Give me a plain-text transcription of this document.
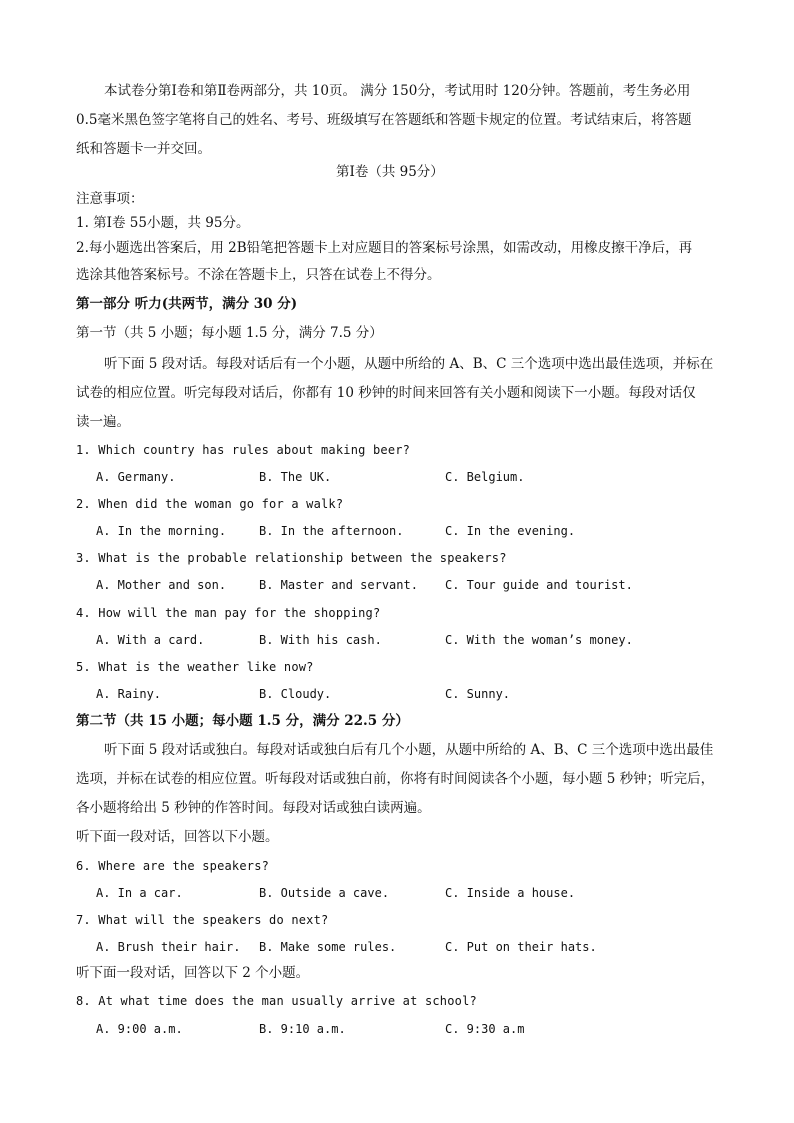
本试卷分第Ⅰ卷和第Ⅱ卷两部分，共 10页。 满分 150分，考试用时 120分钟。答题前，考生务必用
0.5毫米黑色签字笔将自己的姓名、考号、班级填写在答题纸和答题卡规定的位置。考试结束后，将答题
纸和答题卡一并交回。
第Ⅰ卷（共 95分）
注意事项：
1. 第Ⅰ卷 55小题，共 95分。
2.每小题选出答案后，用 2B铅笔把答题卡上对应题目的答案标号涂黑，如需改动，用橡皮擦干净后，再
选涂其他答案标号。不涂在答题卡上，只答在试卷上不得分。
第一部分 听力(共两节，满分 30 分)
第一节（共 5 小题；每小题 1.5 分，满分 7.5 分）
听下面 5 段对话。每段对话后有一个小题，从题中所给的 A、B、C 三个选项中选出最佳选项，并标在
试卷的相应位置。听完每段对话后，你都有 10 秒钟的时间来回答有关小题和阅读下一小题。每段对话仅
读一遍。
1. Which country has rules about making beer?
A. Germany.	B. The UK.	C. Belgium.
2. When did the woman go for a walk?
A. In the morning.	B. In the afternoon.	C. In the evening.
3. What is the probable relationship between the speakers?
A. Mother and son.	B. Master and servant. C. Tour guide and tourist.
4. How will the man pay for the shopping?
A. With a card.	B. With his cash.	C. With the woman’s money.
5. What is the weather like now?
A. Rainy.	B. Cloudy.	C. Sunny.
第二节（共 15 小题；每小题 1.5 分，满分 22.5 分）
听下面 5 段对话或独白。每段对话或独白后有几个小题，从题中所给的 A、B、C 三个选项中选出最佳
选项，并标在试卷的相应位置。听每段对话或独白前，你将有时间阅读各个小题，每小题 5 秒钟；听完后，
各小题将给出 5 秒钟的作答时间。每段对话或独白读两遍。
听下面一段对话，回答以下小题。
6. Where are the speakers?
A. In a car.	B. Outside a cave.	C. Inside a house.
7. What will the speakers do next?
A. Brush their hair. B. Make some rules.	C. Put on their hats.
听下面一段对话，回答以下 2 个小题。
8. At what time does the man usually arrive at school?
A. 9:00 a.m.	B. 9:10 a.m.	C. 9:30 a.m
